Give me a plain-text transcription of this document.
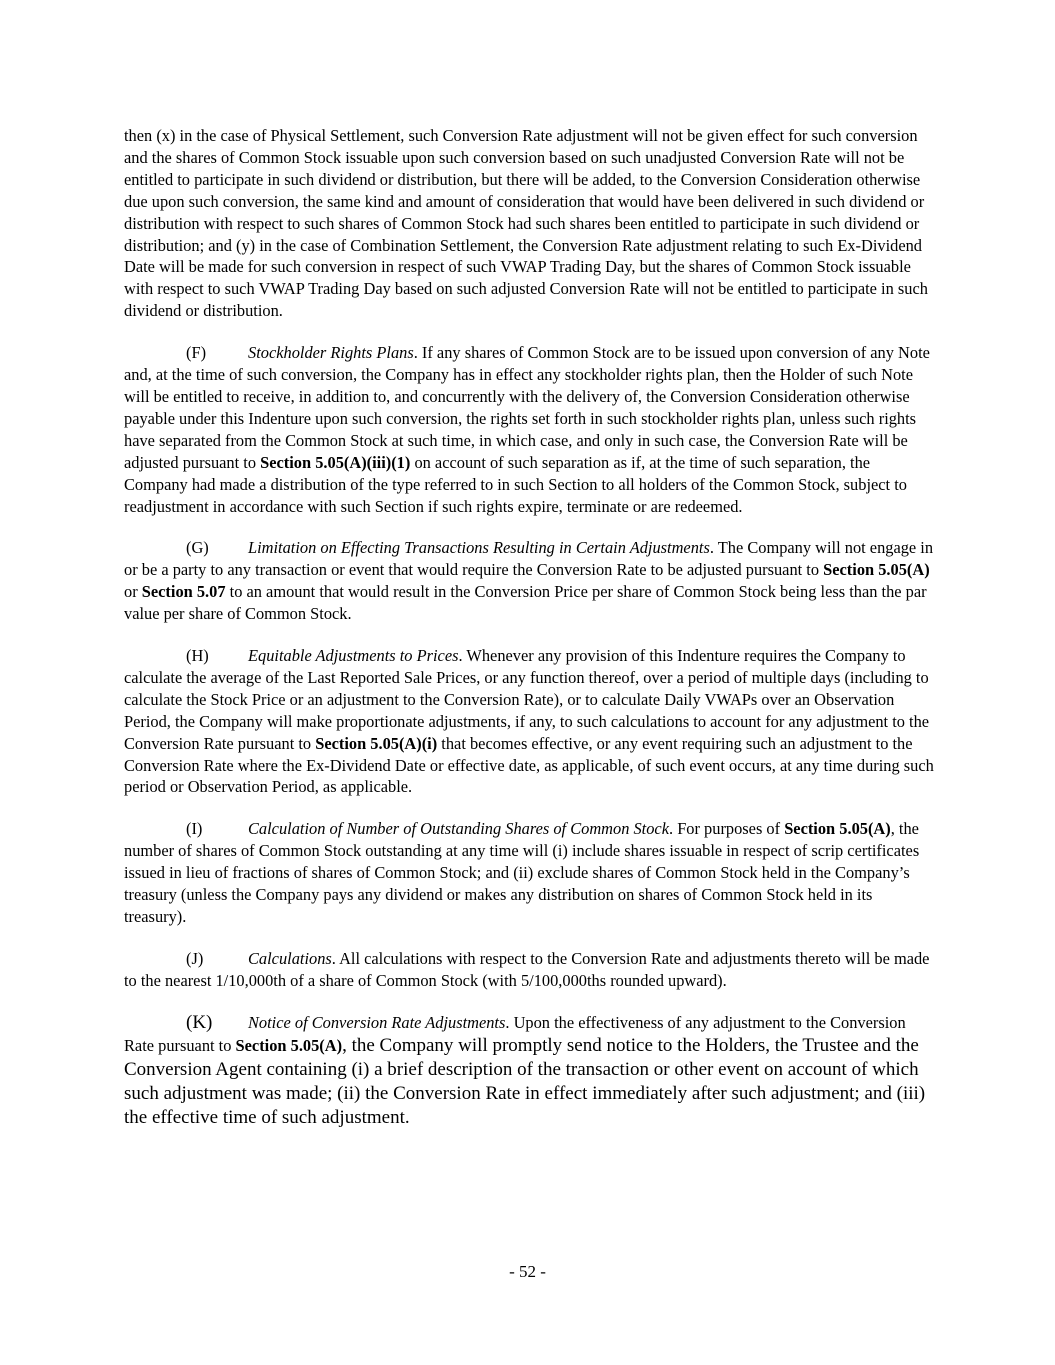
then (x) in the case of Physical Settlement, such Conversion Rate adjustment will not be given effect for such conversion and the shares of Common Stock issuable upon such conversion based on such unadjusted Conversion Rate will not be entitled to participate in such dividend or distribution, but there will be added, to the Conversion Consideration otherwise due upon such conversion, the same kind and amount of consideration that would have been delivered in such dividend or distribution with respect to such shares of Common Stock had such shares been entitled to participate in such dividend or distribution; and (y) in the case of Combination Settlement, the Conversion Rate adjustment relating to such Ex-Dividend Date will be made for such conversion in respect of such VWAP Trading Day, but the shares of Common Stock issuable with respect to such VWAP Trading Day based on such adjusted Conversion Rate will not be entitled to participate in such dividend or distribution.

(F)	Stockholder Rights Plans. If any shares of Common Stock are to be issued upon conversion of any Note and, at the time of such conversion, the Company has in effect any stockholder rights plan, then the Holder of such Note will be entitled to receive, in addition to, and concurrently with the delivery of, the Conversion Consideration otherwise payable under this Indenture upon such conversion, the rights set forth in such stockholder rights plan, unless such rights have separated from the Common Stock at such time, in which case, and only in such case, the Conversion Rate will be adjusted pursuant to Section 5.05(A)(iii)(1) on account of such separation as if, at the time of such separation, the Company had made a distribution of the type referred to in such Section to all holders of the Common Stock, subject to readjustment in accordance with such Section if such rights expire, terminate or are redeemed.

(G) Limitation on Effecting Transactions Resulting in Certain Adjustments. The Company will not engage in or be a party to any transaction or event that would require the Conversion Rate to be adjusted pursuant to Section 5.05(A) or Section 5.07 to an amount that would result in the Conversion Price per share of Common Stock being less than the par value per share of Common Stock.

(H) Equitable Adjustments to Prices. Whenever any provision of this Indenture requires the Company to calculate the average of the Last Reported Sale Prices, or any function thereof, over a period of multiple days (including to calculate the Stock Price or an adjustment to the Conversion Rate), or to calculate Daily VWAPs over an Observation Period, the Company will make proportionate adjustments, if any, to such calculations to account for any adjustment to the Conversion Rate pursuant to Section 5.05(A)(i) that becomes effective, or any event requiring such an adjustment to the Conversion Rate where the Ex-Dividend Date or effective date, as applicable, of such event occurs, at any time during such period or Observation Period, as applicable.

(I)	Calculation of Number of Outstanding Shares of Common Stock. For purposes of Section 5.05(A), the number of shares of Common Stock outstanding at any time will (i) include shares issuable in respect of scrip certificates issued in lieu of fractions of shares of Common Stock; and (ii) exclude shares of Common Stock held in the Company’s treasury (unless the Company pays any dividend or makes any distribution on shares of Common Stock held in its treasury).

(J)	Calculations. All calculations with respect to the Conversion Rate and adjustments thereto will be made to the nearest 1/10,000th of a share of Common Stock (with 5/100,000ths rounded upward).

(K) Notice of Conversion Rate Adjustments. Upon the effectiveness of any adjustment to the Conversion Rate pursuant to Section 5.05(A), the Company will promptly send notice to the Holders, the Trustee and the Conversion Agent containing (i) a brief description of the transaction or other event on account of which such adjustment was made; (ii) the Conversion Rate in effect immediately after such adjustment; and (iii) the effective time of such adjustment.

- 52 -
